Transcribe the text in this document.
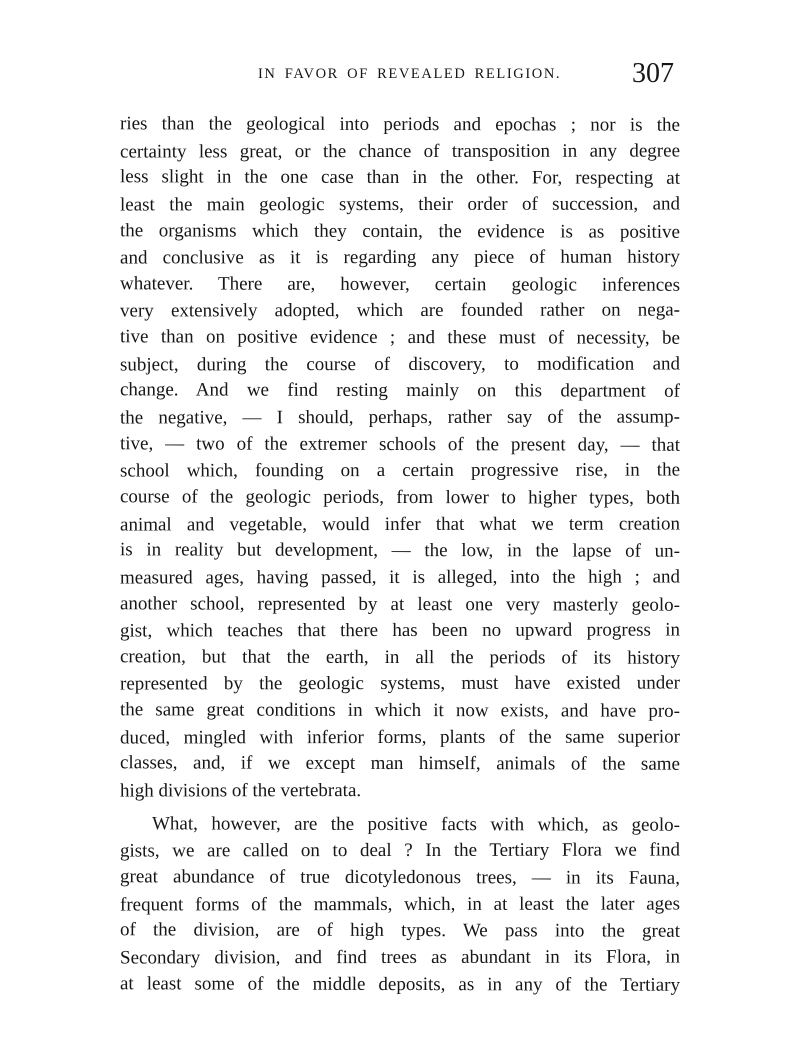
IN FAVOR OF REVEALED RELIGION.	307
ries than the geological into periods and epochas ; nor is the
certainty less great, or the chance of transposition in any degree
less slight in the one case than in the other. For, respecting at
least the main geologic systems, their order of succession, and
the organisms which they contain, the evidence is as positive
and conclusive as it is regarding any piece of human history
whatever. There are, however, certain geologic inferences
very extensively adopted, which are founded rather on nega-
tive than on positive evidence ; and these must of necessity, be
subject, during the course of discovery, to modification and
change. And we find resting mainly on this department of
the negative, — I should, perhaps, rather say of the assump-
tive, — two of the extremer schools of the present day, — that
school which, founding on a certain progressive rise, in the
course of the geologic periods, from lower to higher types, both
animal and vegetable, would infer that what we term creation
is in reality but development, — the low, in the lapse of un-
measured ages, having passed, it is alleged, into the high ; and
another school, represented by at least one very masterly geolo-
gist, which teaches that there has been no upward progress in
creation, but that the earth, in all the periods of its history
represented by the geologic systems, must have existed under
the same great conditions in which it now exists, and have pro-
duced, mingled with inferior forms, plants of the same superior
classes, and, if we except man himself, animals of the same
high divisions of the vertebrata.
What, however, are the positive facts with which, as geolo-
gists, we are called on to deal ? In the Tertiary Flora we find
great abundance of true dicotyledonous trees, — in its Fauna,
frequent forms of the mammals, which, in at least the later ages
of the division, are of high types. We pass into the great
Secondary division, and find trees as abundant in its Flora, in
at least some of the middle deposits, as in any of the Tertiary
